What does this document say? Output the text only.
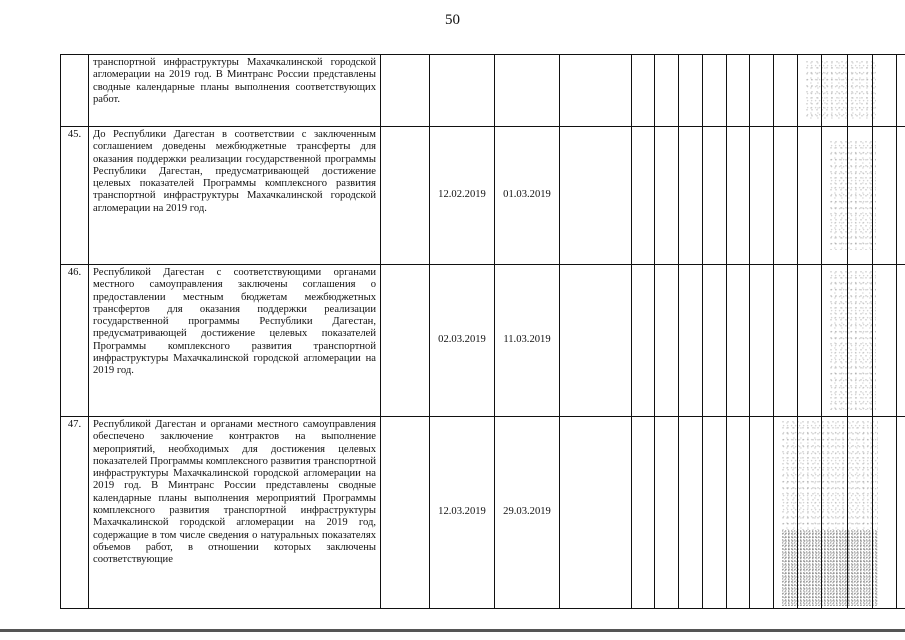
50

	транспортной инфраструктуры Махачкалинской городской агломерации на 2019 год. В Минтранс России представлены сводные календарные планы выполнения соответствующих работ.																

45.	До Республики Дагестан в соответствии с заключенным соглашением доведены межбюджетные трансферты для оказания поддержки реализации государственной программы Республики Дагестан, предусматривающей достижение целевых показателей Программы комплексного развития транспортной инфраструктуры Махачкалинской городской агломерации на 2019 год.		12.02.2019	01.03.2019													
46.	Республикой Дагестан с соответствующими органами местного самоуправления заключены соглашения о предоставлении местным бюджетам межбюджетных трансфертов для оказания поддержки реализации государственной программы Республики Дагестан, предусматривающей достижение целевых показателей Программы комплексного развития транспортной инфраструктуры Махачкалинской городской агломерации на 2019 год.		02.03.2019	11.03.2019													
47.	Республикой Дагестан и органами местного самоуправления обеспечено заключение контрактов на выполнение мероприятий, необходимых для достижения целевых показателей Программы комплексного развития транспортной инфраструктуры Махачкалинской городской агломерации на 2019 год. В Минтранс России представлены сводные календарные планы выполнения мероприятий Программы комплексного развития транспортной инфраструктуры Махачкалинской городской агломерации на 2019 год, содержащие в том числе сведения о натуральных показателях объемов работ, в отношении которых заключены соответствующие		12.03.2019	29.03.2019													
